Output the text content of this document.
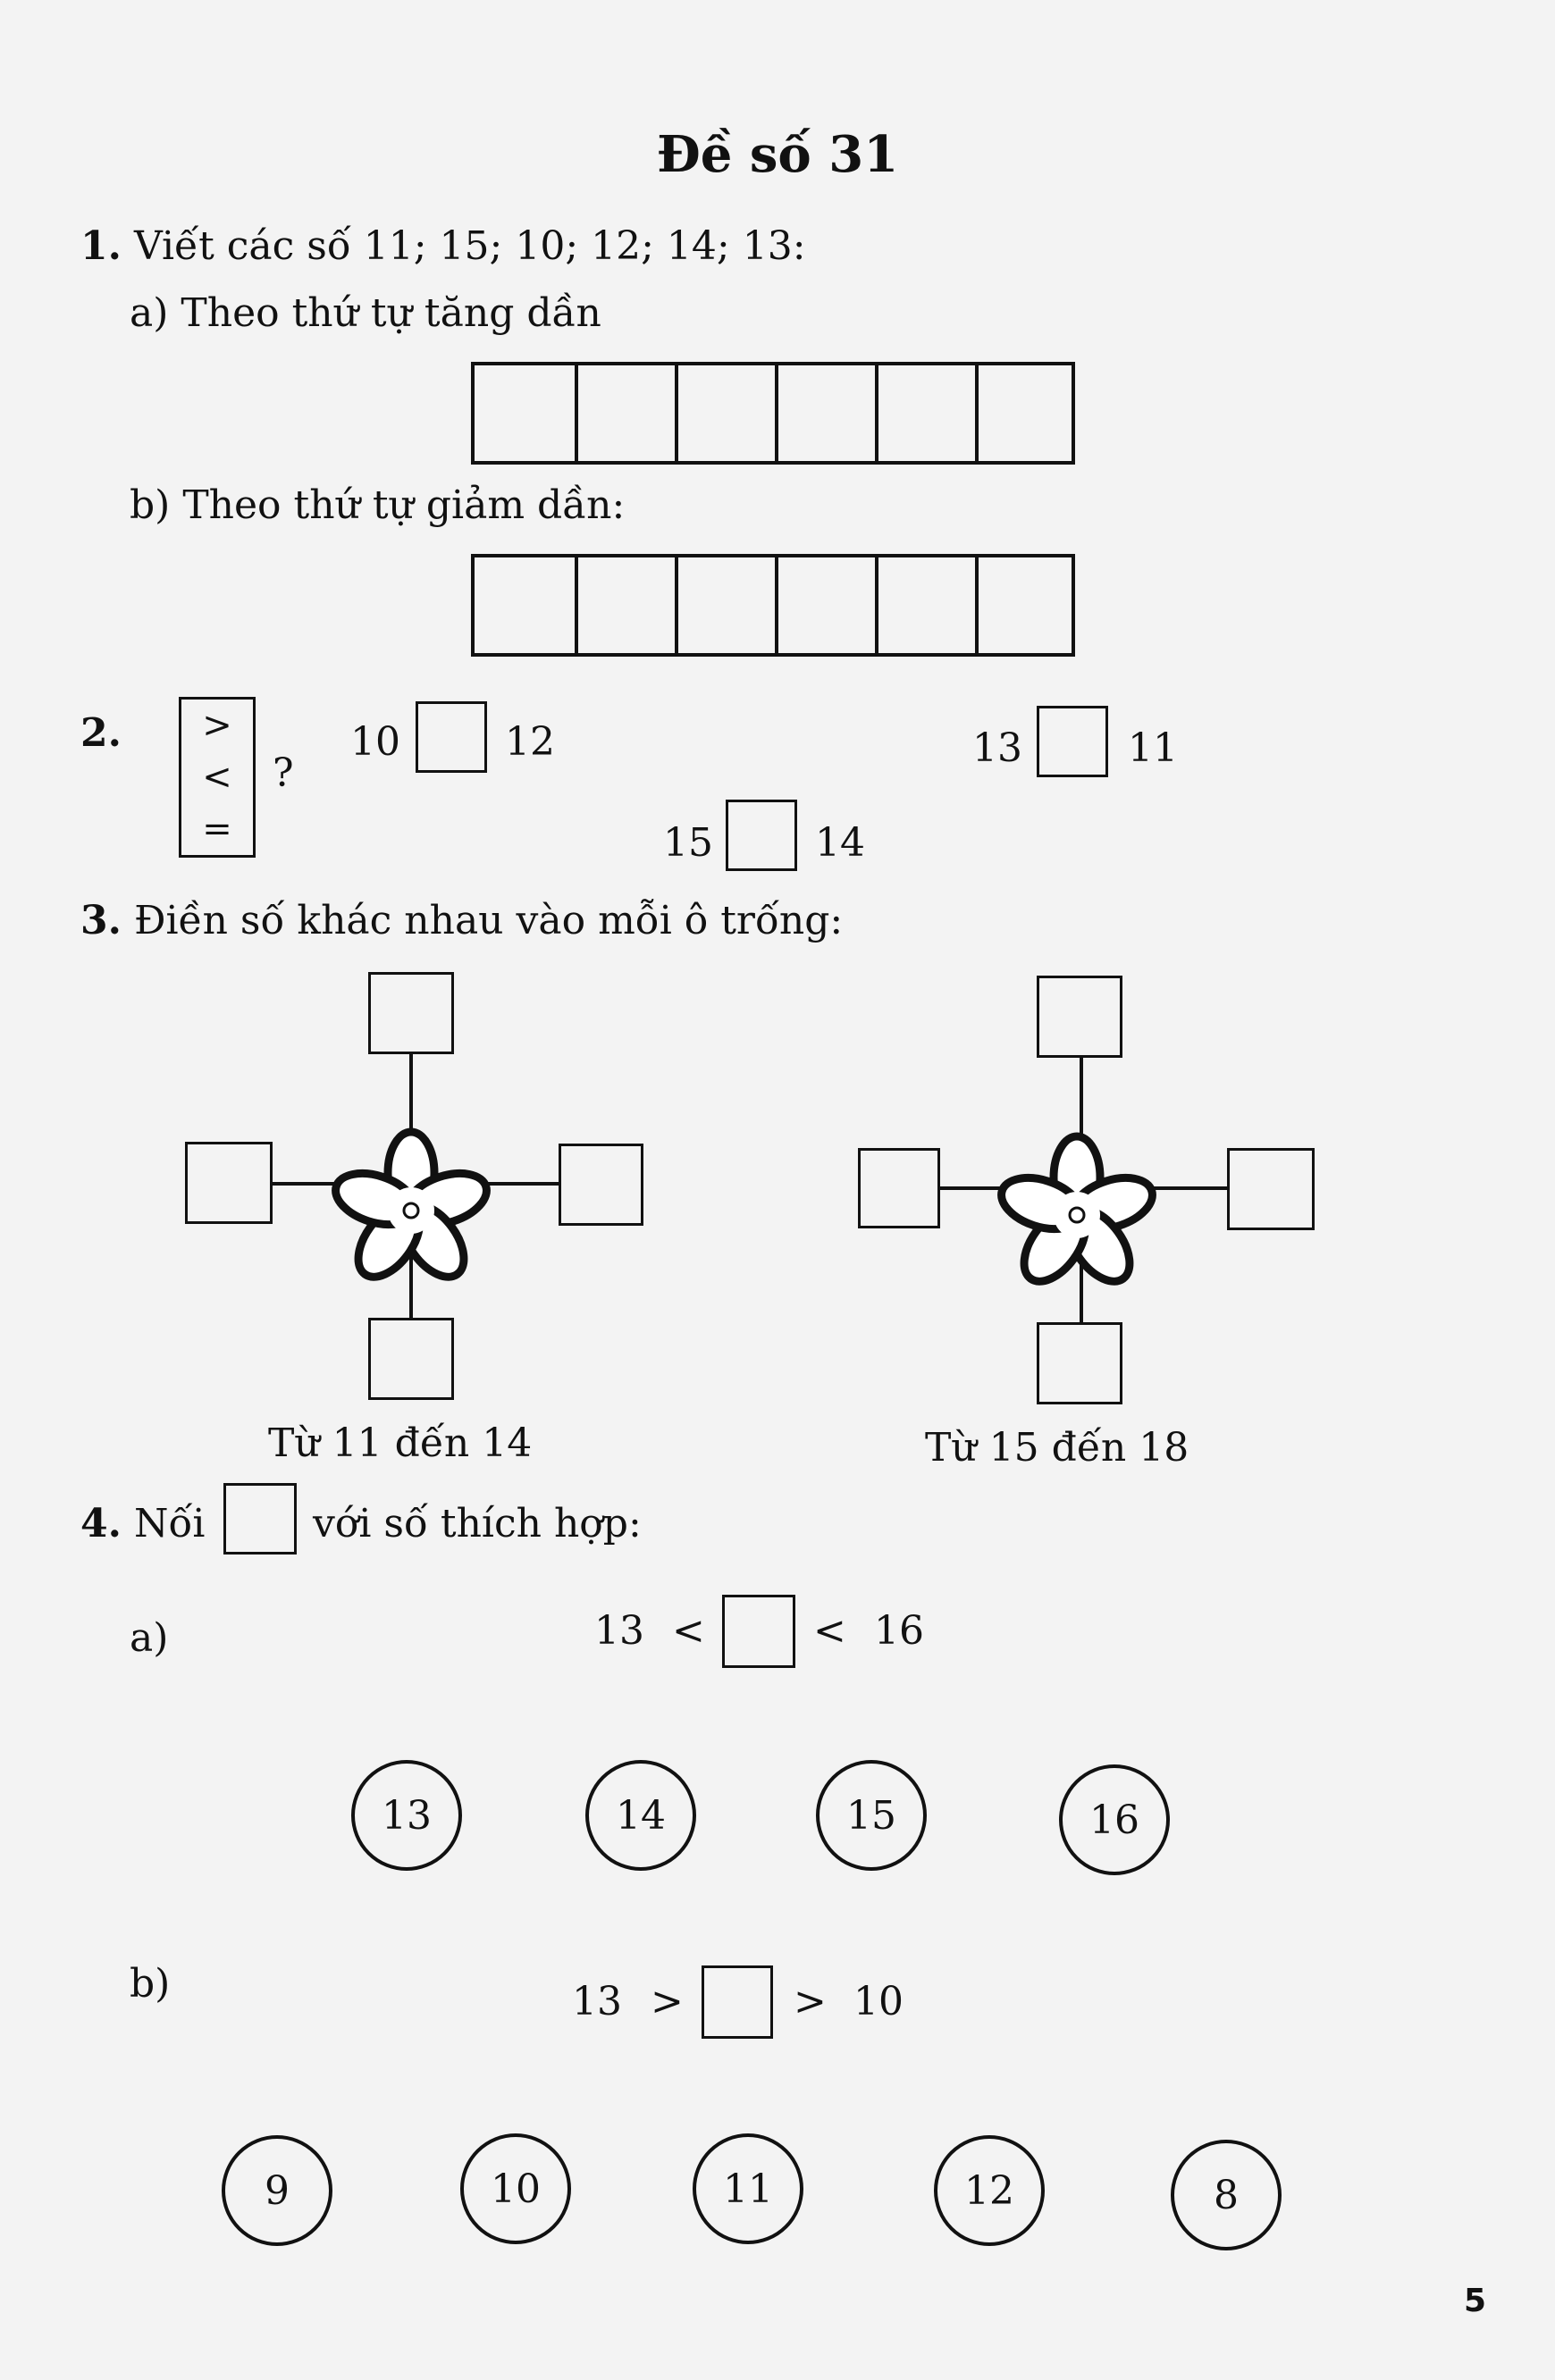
Đề số 31
1. Viết các số 11; 15; 10; 12; 14; 13:
a) Theo thứ tự tăng dần
b) Theo thứ tự giảm dần:
2. >
<
=
?
10	12	13	11
15	14
3. Điền số khác nhau vào mỗi ô trống:
Từ 11 đến 14	Từ 15 đến 18
4. Nối	với số thích hợp:
a)	13 <	< 16
13	14	15	16
b)	13 >	> 10
9	10	11	12	8
5
